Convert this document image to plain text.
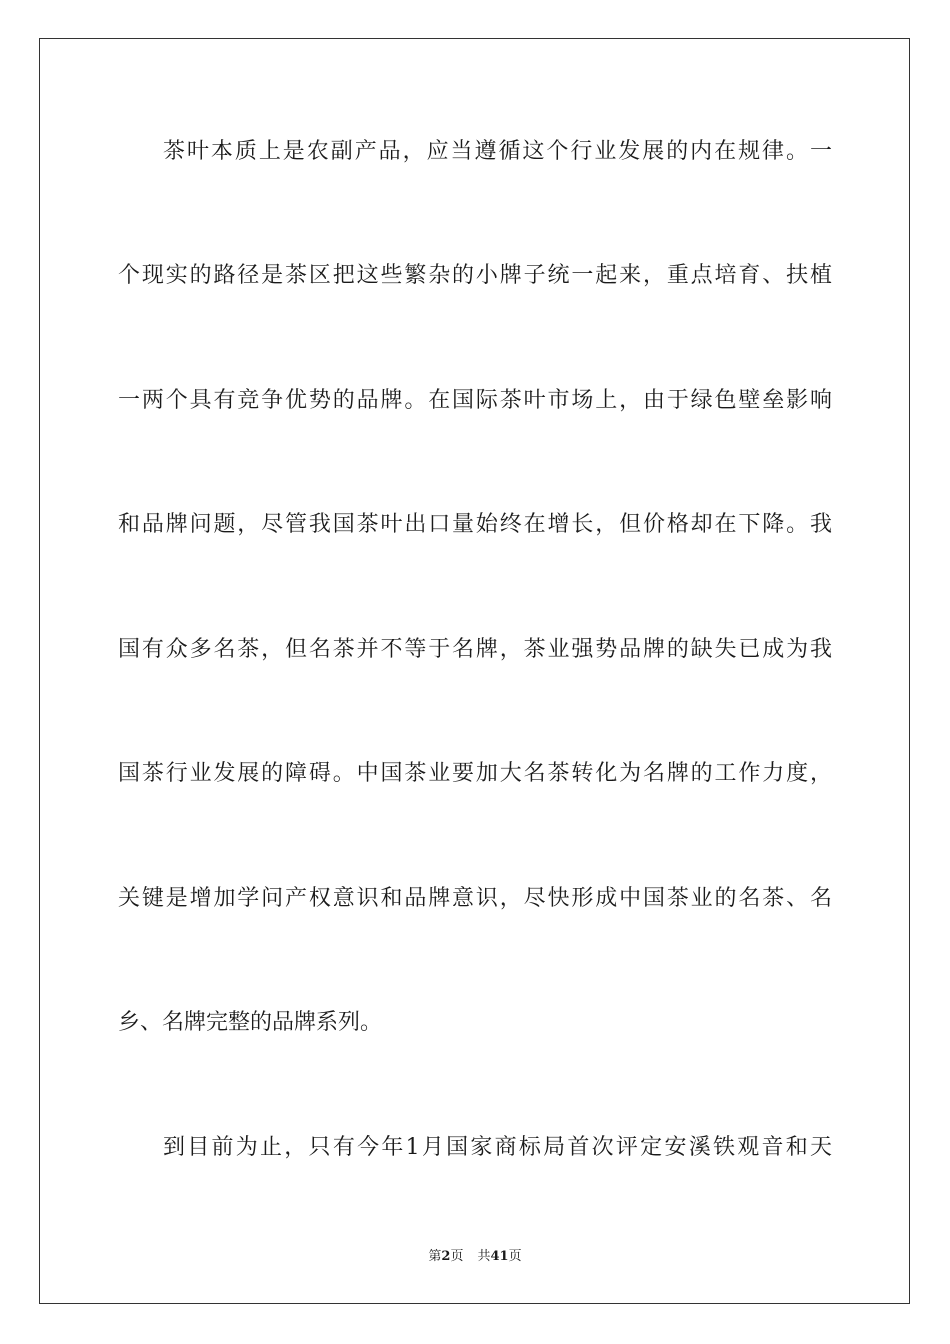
茶叶本质上是农副产品，应当遵循这个行业发展的内在规律。一
个现实的路径是茶区把这些繁杂的小牌子统一起来，重点培育、扶植
一两个具有竞争优势的品牌。在国际茶叶市场上，由于绿色壁垒影响
和品牌问题，尽管我国茶叶出口量始终在增长，但价格却在下降。我
国有众多名茶，但名茶并不等于名牌，茶业强势品牌的缺失已成为我
国茶行业发展的障碍。中国茶业要加大名茶转化为名牌的工作力度，
关键是增加学问产权意识和品牌意识，尽快形成中国茶业的名茶、名
乡、名牌完整的品牌系列。
到目前为止，只有今年1月国家商标局首次评定安溪铁观音和天
第2页 共41页
